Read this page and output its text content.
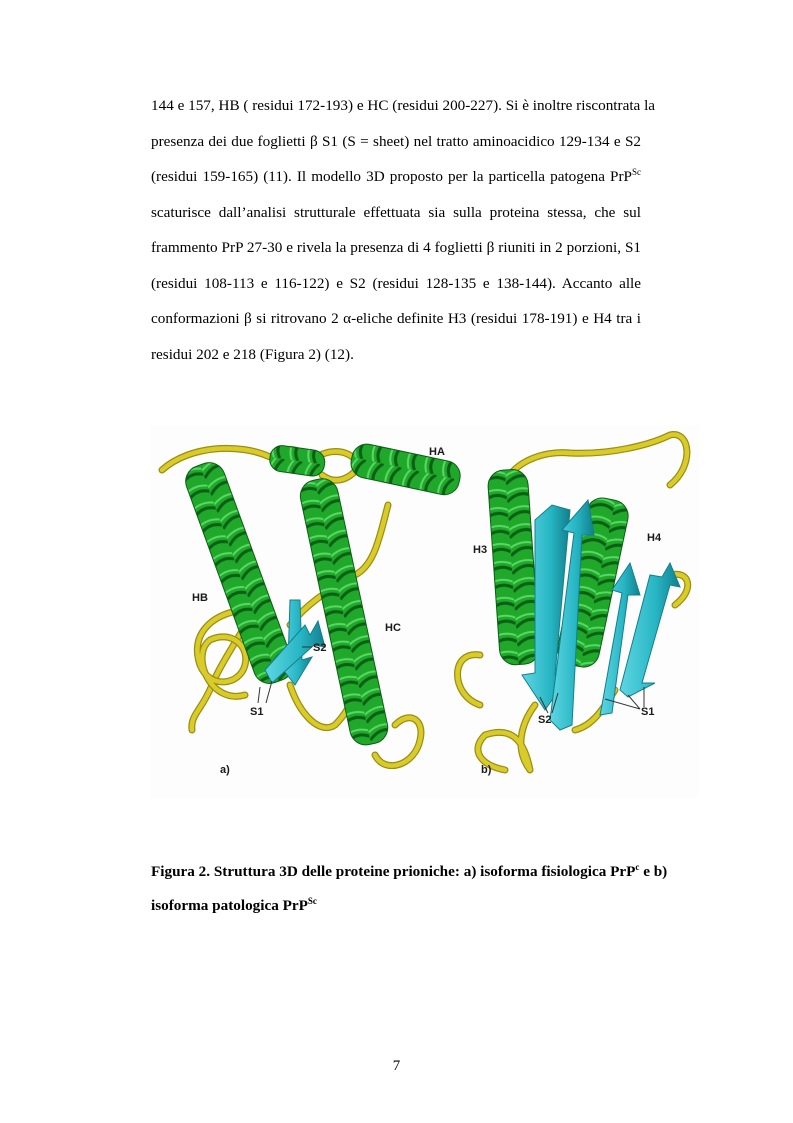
144 e 157, HB ( residui 172-193) e HC (residui 200-227). Si è inoltre riscontrata la
presenza dei due foglietti β S1 (S = sheet) nel tratto aminoacidico 129-134 e S2
(residui 159-165) (11). Il modello 3D proposto per la particella patogena PrP$^{Sc}$
scaturisce dall’analisi strutturale effettuata sia sulla proteina stessa, che sul
frammento PrP 27-30 e rivela la presenza di 4 foglietti β riuniti in 2 porzioni, S1
(residui 108-113 e 116-122) e S2 (residui 128-135 e 138-144). Accanto alle
conformazioni β si ritrovano 2 α-eliche definite H3 (residui 178-191) e H4 tra i
residui 202 e 218 (Figura 2) (12).
HA
HB
HC
S2
S1
a)
H3
H4
S2
S1
b)
Figura 2. Struttura 3D delle proteine prioniche: a) isoforma fisiologica PrP$^c$ e b)
isoforma patologica PrP$^{Sc}$
7
